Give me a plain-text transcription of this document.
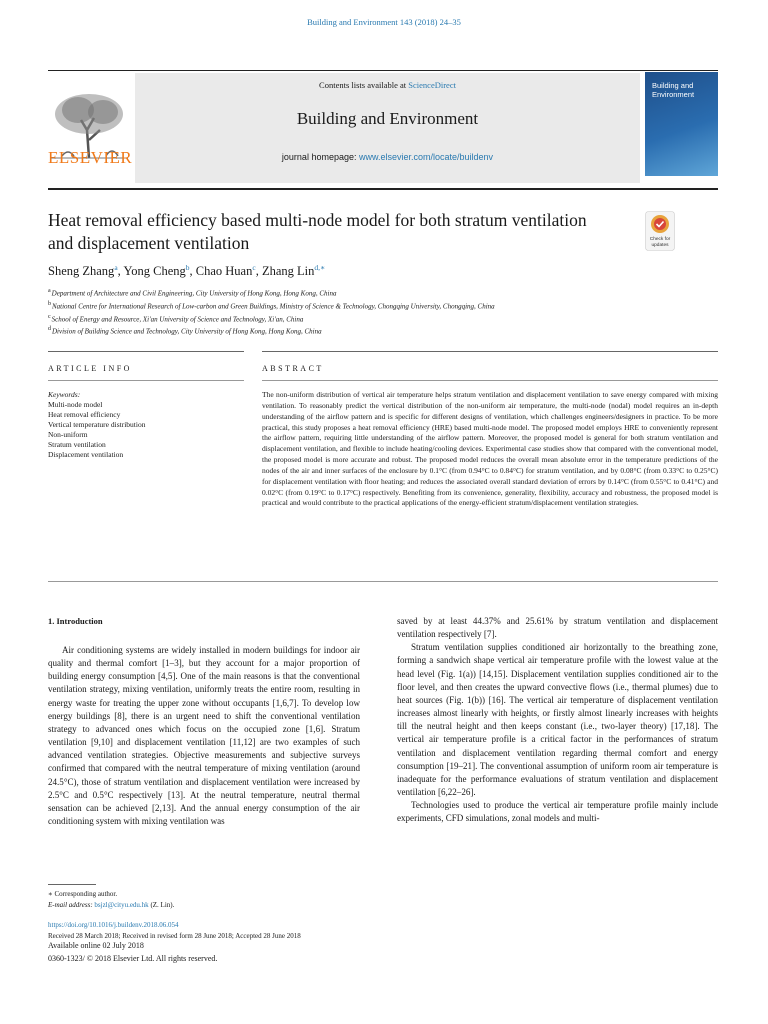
Building and Environment 143 (2018) 24–35
ELSEVIER
Contents lists available at ScienceDirect
Building and Environment
journal homepage: www.elsevier.com/locate/buildenv
Building and
Environment
Heat removal efficiency based multi-node model for both stratum ventilation and displacement ventilation	Check for
updates
Sheng Zhang$^a$, Yong Cheng$^b$, Chao Huan$^c$, Zhang Lin$^{d,∗}$
aDepartment of Architecture and Civil Engineering, City University of Hong Kong, Hong Kong, China
bNational Centre for International Research of Low-carbon and Green Buildings, Ministry of Science & Technology, Chongqing University, Chongqing, China
cSchool of Energy and Resource, Xi'an University of Science and Technology, Xi'an, China
dDivision of Building Science and Technology, City University of Hong Kong, Hong Kong, China
ARTICLE INFO	ABSTRACT
Keywords:
Multi-node model
Heat removal efficiency
Vertical temperature distribution
Non-uniform
Stratum ventilation
Displacement ventilation
The non-uniform distribution of vertical air temperature helps stratum ventilation and displacement ventilation to save energy compared with mixing ventilation. To reasonably predict the vertical distribution of the non-uniform air temperature, the multi-node (nodal) model requires an in-depth understanding of the airflow pattern and is specific for different designs of ventilation, which challenges engineers/designers in practice. To be more practical, this study proposes a heat removal efficiency (HRE) based multi-node model. The proposed model employs HRE to conveniently represent the airflow pattern, requiring little understanding of the airflow pattern. Moreover, the proposed model is general for both stratum ventilation and displacement ventilation, and flexible to include heating/cooling devices. Experimental case studies show that compared with the conventional model, the proposed model is more accurate and robust. The proposed model reduces the overall mean absolute error in the temperature predictions of the nodes of the air and inner surfaces of the enclosure by 0.1°C (from 0.94°C to 0.84°C) for stratum ventilation, and by 0.08°C (from 0.33°C to 0.25°C) for displacement ventilation with floor heating; and reduces the associated overall standard deviation of errors by 0.14°C (from 0.55°C to 0.41°C) and 0.02°C (from 0.19°C to 0.17°C) respectively. Benefiting from its convenience, generality, flexibility, accuracy and robustness, the proposed model is practical and would contribute to the practical applications of the energy-efficient stratum/displacement ventilation strategies.
1. Introduction

Air conditioning systems are widely installed in modern buildings for indoor air quality and thermal comfort [1–3], but they account for a major proportion of building energy consumption [4,5]. One of the main reasons is that the conventional ventilation strategy, mixing ventilation, uniformly treats the entire room, resulting in energy waste for treating the upper zone without occupants [1,6,7]. To develop low energy buildings [8], there is an urgent need to shift the conventional ventilation strategy to advanced ones which focus on the occupied zone [1,6]. Stratum ventilation [9,10] and displacement ventilation [11,12] are two examples of such advanced ventilation strategies. Objective measurements and subjective surveys confirmed that compared with the neutral temperature of mixing ventilation (around 24.5°C), those of stratum ventilation and displacement ventilation were increased by 2.5°C and 0.5°C respectively [13]. At the neutral temperature, neutral thermal sensation can be achieved [2,13]. And the annual energy consumption of the air conditioning system with mixing ventilation was

saved by at least 44.37% and 25.61% by stratum ventilation and displacement ventilation respectively [7].

Stratum ventilation supplies conditioned air horizontally to the breathing zone, forming a sandwich shape vertical air temperature profile with the lowest value at the head level (Fig. 1(a)) [14,15]. Displacement ventilation supplies conditioned air to the floor level, and then creates the upward convective flows (i.e., thermal plumes) due to heat sources (Fig. 1(b)) [16]. The vertical air temperature of displacement ventilation increases almost linearly with heights, or firstly almost linearly increases with heights till the neutral height and then keeps constant (i.e., two-layer theory) [17,18]. The vertical air temperature profile is a critical factor in the performances of stratum ventilation and displacement ventilation regarding thermal comfort and energy consumption [19–21]. The conventional assumption of uniform room air temperature is inadequate for the performance evaluations of stratum ventilation and displacement ventilation [6,22–26].

Technologies used to produce the vertical air temperature profile mainly include experiments, CFD simulations, zonal models and multi-

∗ Corresponding author.
E-mail address: bsjzl@cityu.edu.hk (Z. Lin).
https://doi.org/10.1016/j.buildenv.2018.06.054
Received 28 March 2018; Received in revised form 28 June 2018; Accepted 28 June 2018
Available online 02 July 2018
0360-1323/ © 2018 Elsevier Ltd. All rights reserved.
